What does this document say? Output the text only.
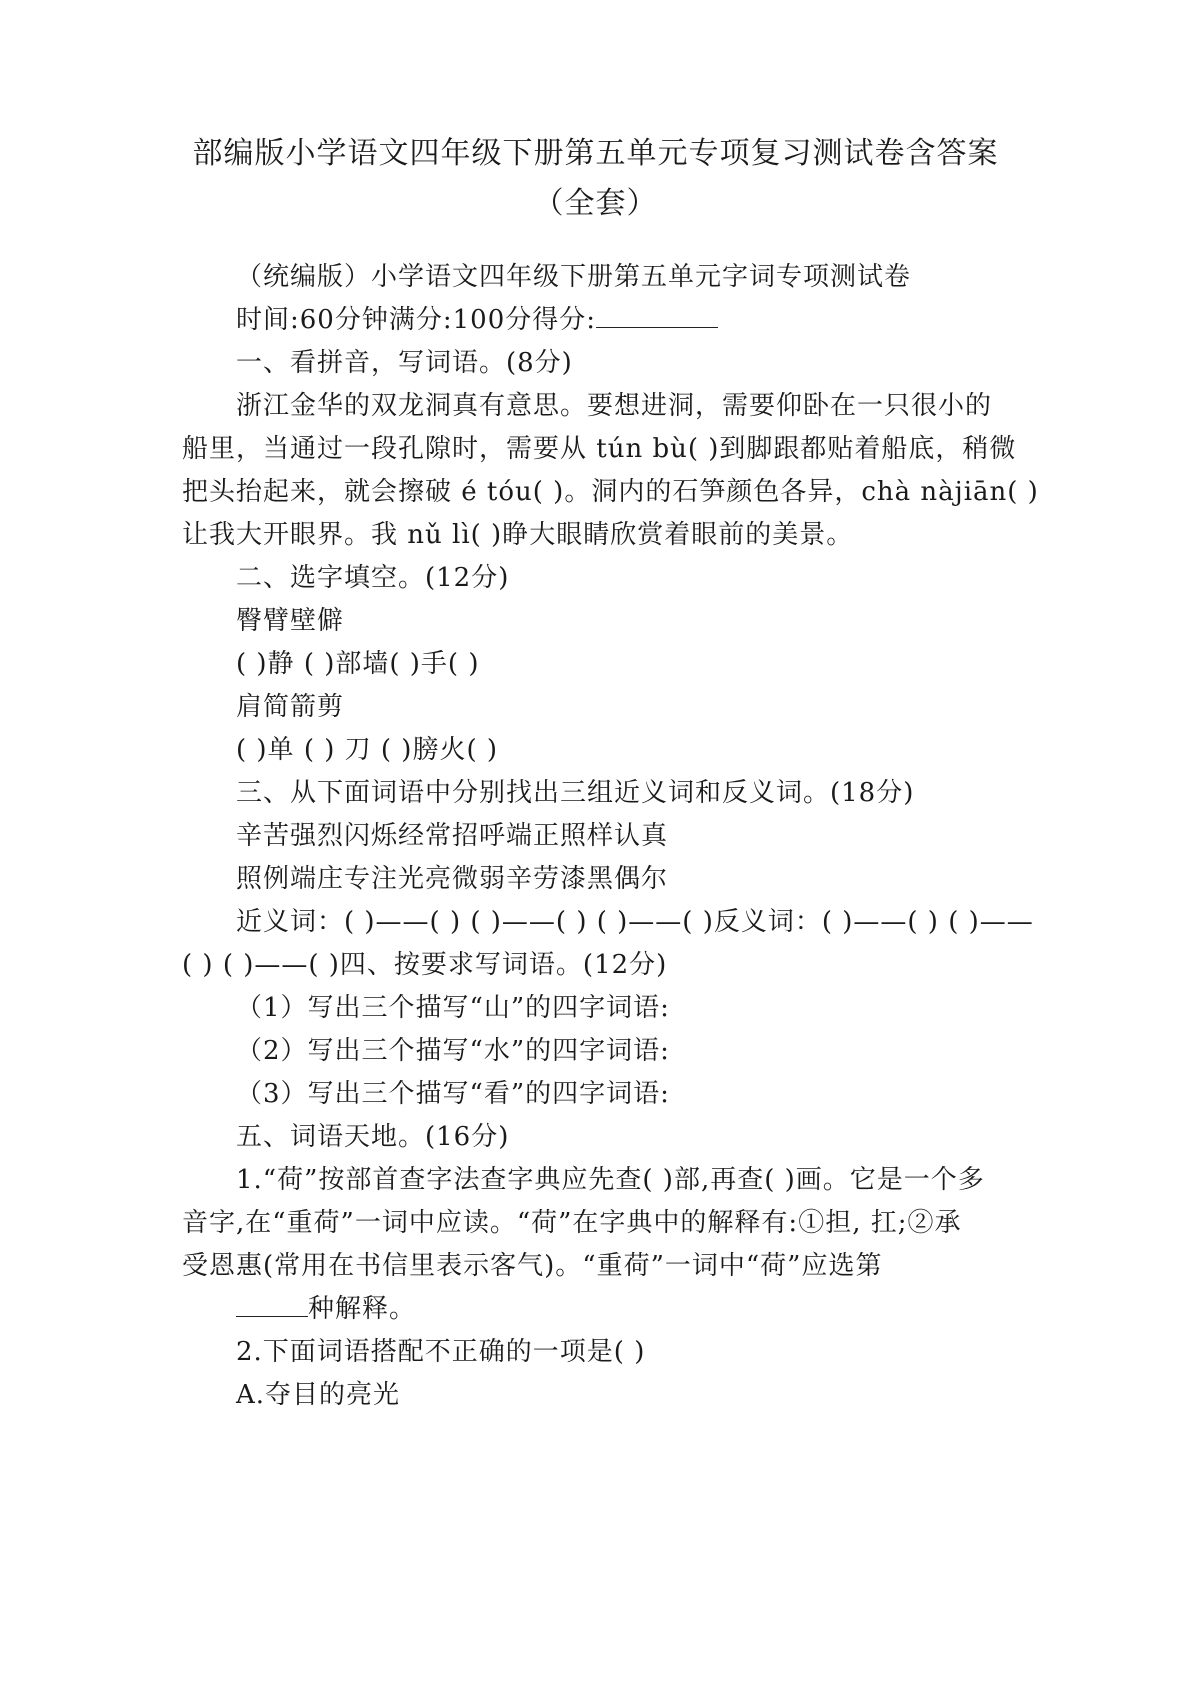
部编版小学语文四年级下册第五单元专项复习测试卷含答案
（全套）
（统编版）小学语文四年级下册第五单元字词专项测试卷
时间:60分钟满分:100分得分:
一、看拼音，写词语。(8分)
浙江金华的双龙洞真有意思。要想进洞，需要仰卧在一只很小的
船里，当通过一段孔隙时，需要从 tún bù( )到脚跟都贴着船底，稍微
把头抬起来，就会擦破 é tóu( )。洞内的石笋颜色各异，chà nàjiān( )
让我大开眼界。我 nǔ lì( )睁大眼睛欣赏着眼前的美景。
二、选字填空。(12分)
臀臂壁僻
( )静 ( )部墙( )手( )
肩简箭剪
( )单 ( ) 刀 ( )膀火( )
三、从下面词语中分别找出三组近义词和反义词。(18分)
辛苦强烈闪烁经常招呼端正照样认真
照例端庄专注光亮微弱辛劳漆黑偶尔
近义词：( )——( ) ( )——( ) ( )——( )反义词：( )——( ) ( )——
( ) ( )——( )四、按要求写词语。(12分)
（1）写出三个描写“山”的四字词语:
（2）写出三个描写“水”的四字词语:
（3）写出三个描写“看”的四字词语:
五、词语天地。(16分)
1.“荷”按部首查字法查字典应先查( )部,再查( )画。它是一个多
音字,在“重荷”一词中应读。“荷”在字典中的解释有:①担, 扛;②承
受恩惠(常用在书信里表示客气)。“重荷”一词中“荷”应选第
种解释。
2.下面词语搭配不正确的一项是( )
A.夺目的亮光
